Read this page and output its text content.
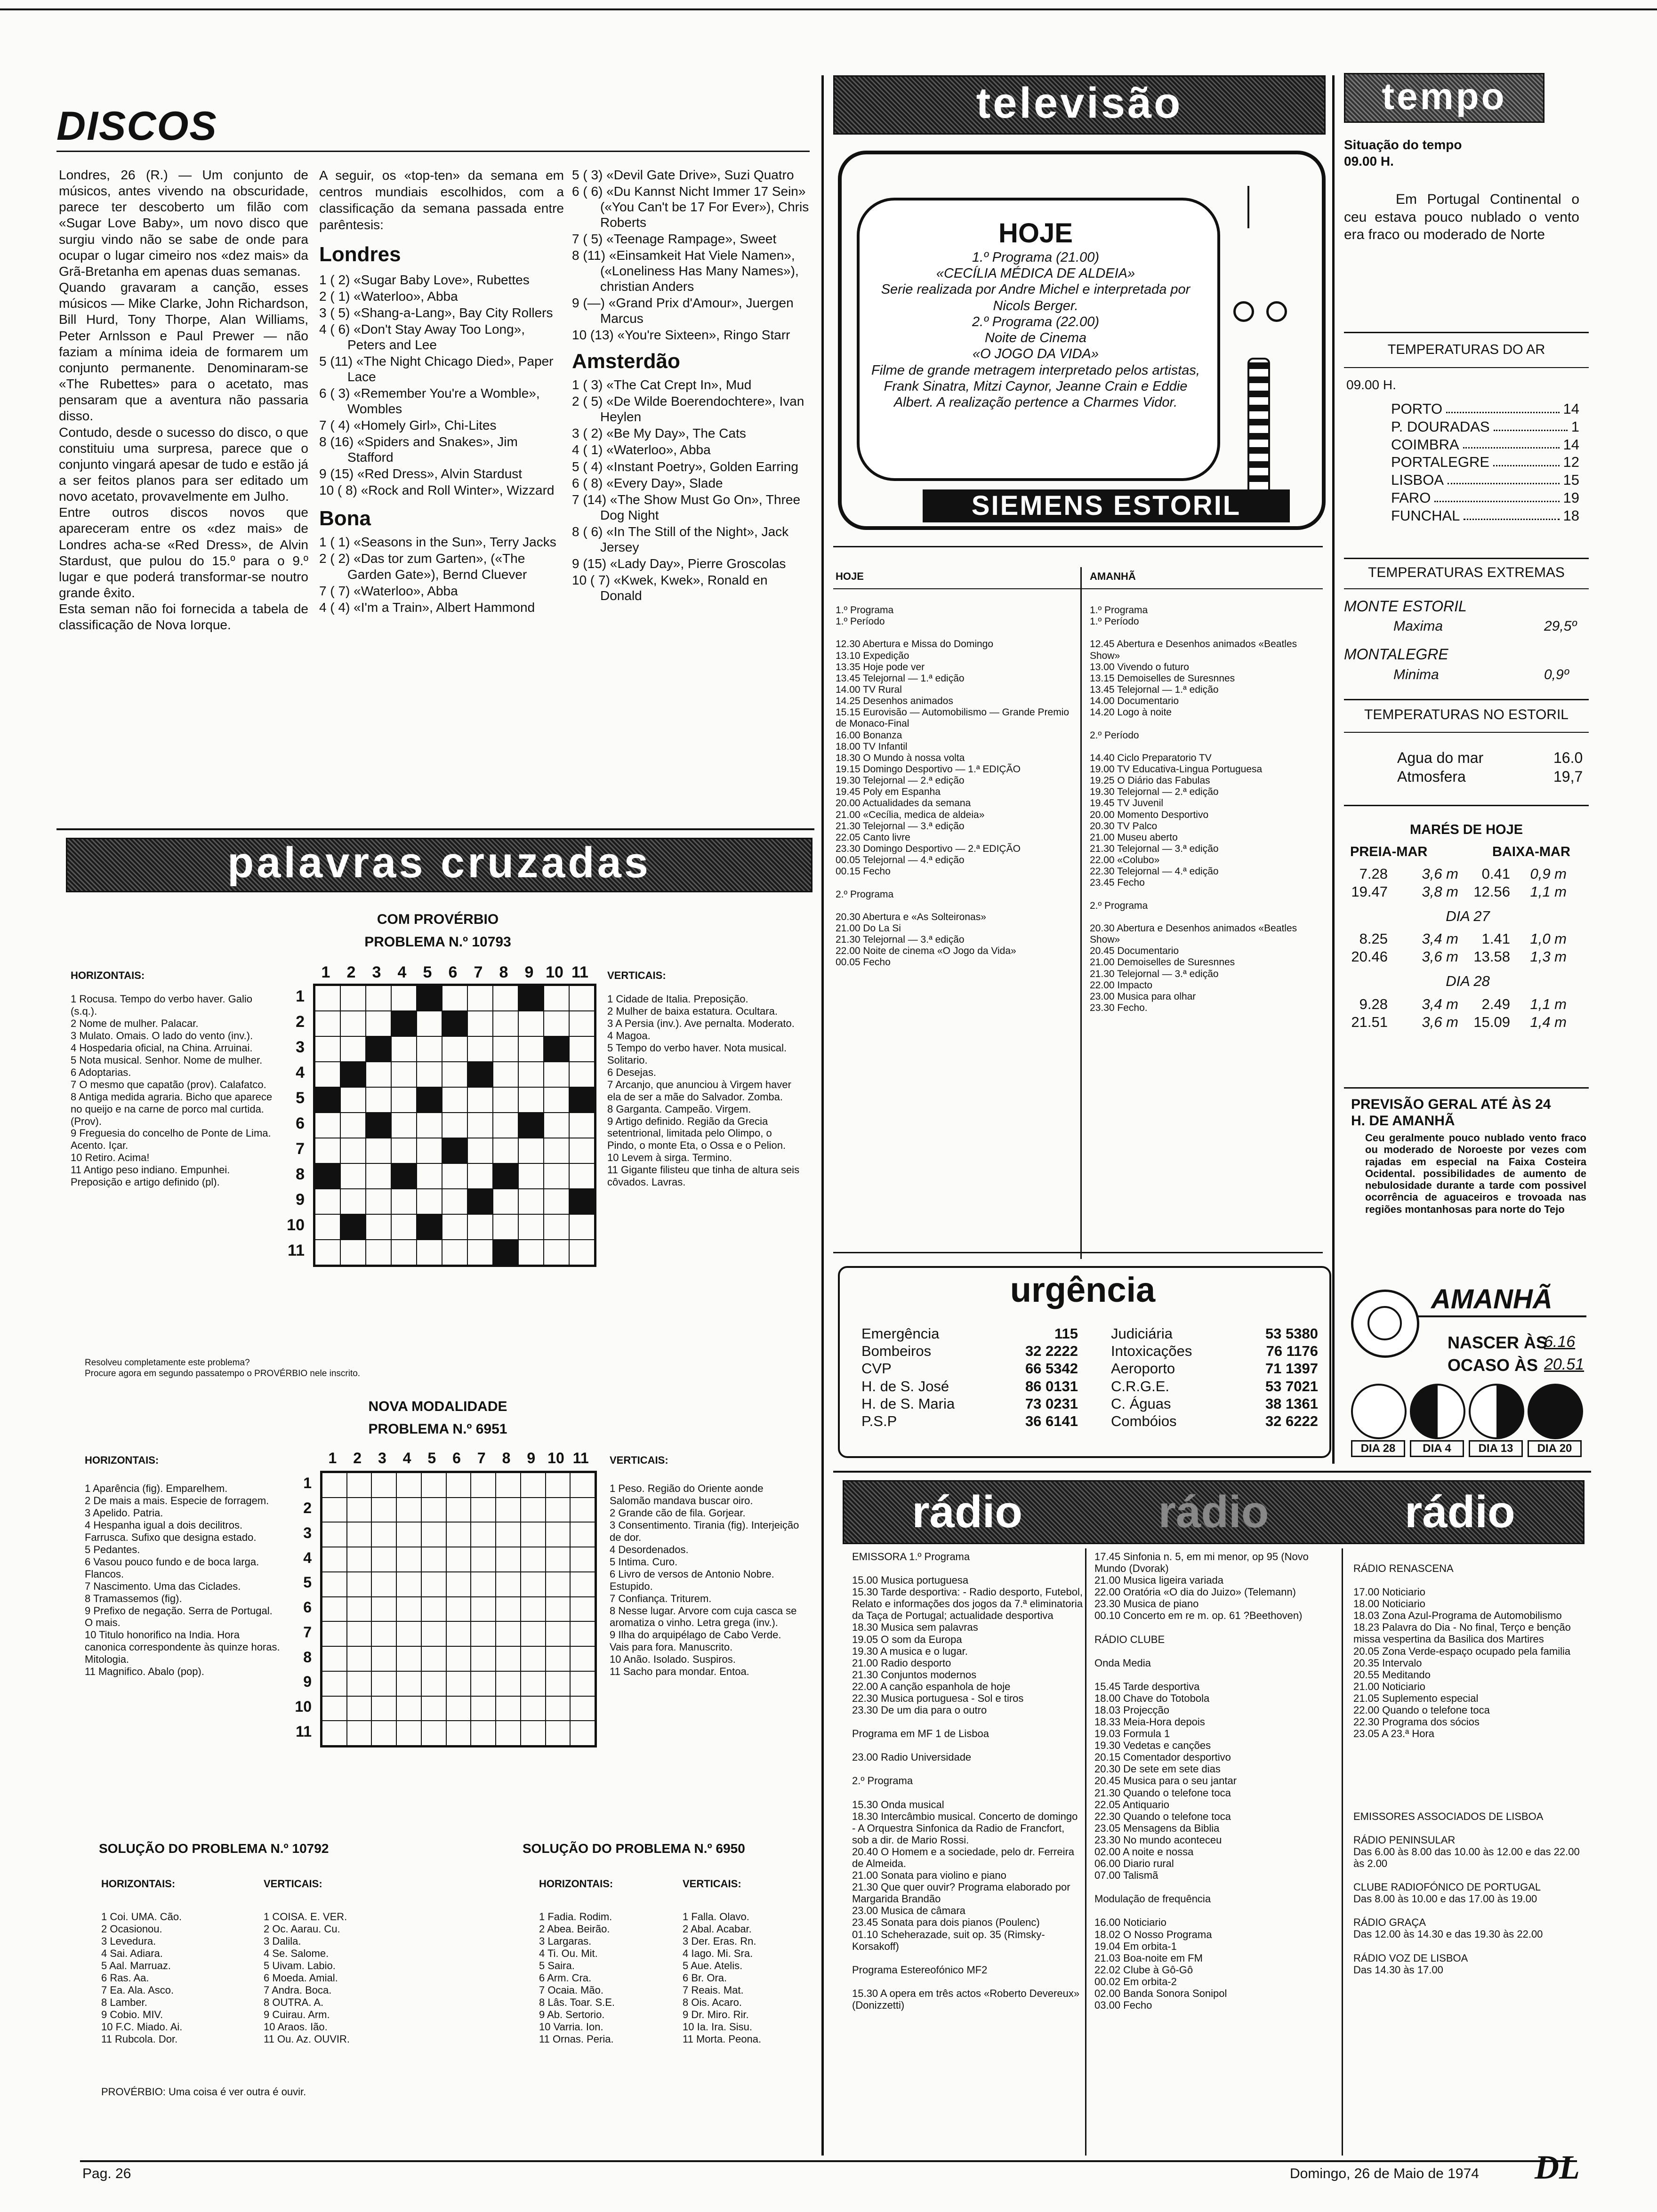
DISCOS
Londres, 26 (R.) — Um conjunto de músicos, antes vivendo na obscuridade, parece ter descoberto um filão com «Sugar Love Baby», um novo disco que surgiu vindo não se sabe de onde para ocupar o lugar cimeiro nos «dez mais» da Grã-Bretanha em apenas duas semanas.
Quando gravaram a canção, esses músicos — Mike Clarke, John Richardson, Bill Hurd, Tony Thorpe, Alan Williams, Peter Arnlsson e Paul Prewer — não faziam a mínima ideia de formarem um conjunto permanente. Denominaram-se «The Rubettes» para o acetato, mas pensaram que a aventura não passaria disso.
Contudo, desde o sucesso do disco, o que constituiu uma surpresa, parece que o conjunto vingará apesar de tudo e estão já a ser feitos planos para ser editado um novo acetato, provavelmente em Julho.
Entre outros discos novos que apareceram entre os «dez mais» de Londres acha-se «Red Dress», de Alvin Stardust, que pulou do 15.º para o 9.º lugar e que poderá transformar-se noutro grande êxito.
Esta seman não foi fornecida a tabela de classificação de Nova Iorque.
A seguir, os «top-ten» da semana em centros mundiais escolhidos, com a classificação da semana passada entre parêntesis:
Londres
1 ( 2) «Sugar Baby Love», Rubettes
2 ( 1) «Waterloo», Abba
3 ( 5) «Shang-a-Lang», Bay City Rollers
4 ( 6) «Don't Stay Away Too Long», Peters and Lee
5 (11) «The Night Chicago Died», Paper Lace
6 ( 3) «Remember You're a Womble», Wombles
7 ( 4) «Homely Girl», Chi-Lites
8 (16) «Spiders and Snakes», Jim Stafford
9 (15) «Red Dress», Alvin Stardust
10 ( 8) «Rock and Roll Winter», Wizzard
Bona
1 ( 1) «Seasons in the Sun», Terry Jacks
2 ( 2) «Das tor zum Garten», («The Garden Gate»), Bernd Cluever
7 ( 7) «Waterloo», Abba
4 ( 4) «I'm a Train», Albert Hammond
5 ( 3) «Devil Gate Drive», Suzi Quatro
6 ( 6) «Du Kannst Nicht Immer 17 Sein» («You Can't be 17 For Ever»), Chris Roberts
7 ( 5) «Teenage Rampage», Sweet
8 (11) «Einsamkeit Hat Viele Namen», («Loneliness Has Many Names»), christian Anders
9 (—) «Grand Prix d'Amour», Juergen Marcus
10 (13) «You're Sixteen», Ringo Starr
Amsterdão
1 ( 3) «The Cat Crept In», Mud
2 ( 5) «De Wilde Boerendochtere», Ivan Heylen
3 ( 2) «Be My Day», The Cats
4 ( 1) «Waterloo», Abba
5 ( 4) «Instant Poetry», Golden Earring
6 ( 8) «Every Day», Slade
7 (14) «The Show Must Go On», Three Dog Night
8 ( 6) «In The Still of the Night», Jack Jersey
9 (15) «Lady Day», Pierre Groscolas
10 ( 7) «Kwek, Kwek», Ronald en Donald
palavras cruzadas
COM PROVÉRBIO
PROBLEMA N.º 10793
HORIZONTAIS:
1 Rocusa. Tempo do verbo haver. Galio (s.q.).
2 Nome de mulher. Palacar.
3 Mulato. Omais. O lado do vento (inv.).
4 Hospedaria oficial, na China. Arruinai.
5 Nota musical. Senhor. Nome de mulher.
6 Adoptarias.
7 O mesmo que capatão (prov). Calafatco.
8 Antiga medida agraria. Bicho que aparece no queijo e na carne de porco mal curtida. (Prov).
9 Freguesia do concelho de Ponte de Lima. Acento. Içar.
10 Retiro. Acima!
11 Antigo peso indiano. Empunhei. Preposição e artigo definido (pl).
1	2	3	4	5	6	7	8	9 10 11
1
2
3
4
5
6
7
8
9
10
11
VERTICAIS:
1 Cidade de Italia. Preposição.
2 Mulher de baixa estatura. Ocultara.
3 A Persia (inv.). Ave pernalta. Moderato.
4 Magoa.
5 Tempo do verbo haver. Nota musical. Solitario.
6 Desejas.
7 Arcanjo, que anunciou à Virgem haver ela de ser a mãe do Salvador. Zomba.
8 Garganta. Campeão. Virgem.
9 Artigo definido. Região da Grecia setentrional, limitada pelo Olimpo, o Pindo, o monte Eta, o Ossa e o Pelion.
10 Levem à sirga. Termino.
11 Gigante filisteu que tinha de altura seis côvados. Lavras.
Resolveu completamente este problema?
Procure agora em segundo passatempo o PROVÉRBIO nele inscrito.
NOVA MODALIDADE
PROBLEMA N.º 6951
HORIZONTAIS:
1 Aparência (fig). Emparelhem.
2 De mais a mais. Especie de forragem.
3 Apelido. Patria.
4 Hespanha igual a dois decilitros. Farrusca. Sufixo que designa estado.
5 Pedantes.
6 Vasou pouco fundo e de boca larga. Flancos.
7 Nascimento. Uma das Ciclades.
8 Tramassemos (fig).
9 Prefixo de negação. Serra de Portugal. O mais.
10 Titulo honorifico na India. Hora canonica correspondente às quinze horas. Mitologia.
11 Magnifico. Abalo (pop).
1	2	3	4	5	6	7	8	9 10 11
1
2
3
4
5
6
7
8
9
10
11
VERTICAIS:
1 Peso. Região do Oriente aonde Salomão mandava buscar oiro.
2 Grande cão de fila. Gorjear.
3 Consentimento. Tirania (fig). Interjeição de dor.
4 Desordenados.
5 Intima. Curo.
6 Livro de versos de Antonio Nobre. Estupido.
7 Confiança. Triturem.
8 Nesse lugar. Arvore com cuja casca se aromatiza o vinho. Letra grega (inv.).
9 Ilha do arquipélago de Cabo Verde. Vais para fora. Manuscrito.
10 Anão. Isolado. Suspiros.
11 Sacho para mondar. Entoa.
SOLUÇÃO DO PROBLEMA N.º 10792
HORIZONTAIS:
1 Coi. UMA. Cão.
2 Ocasionou.
3 Levedura.
4 Sai. Adiara.
5 Aal. Marruaz.
6 Ras. Aa.
7 Ea. Ala. Asco.
8 Lamber.
9 Cobio. MIV.
10 F.C. Miado. Ai.
11 Rubcola. Dor.
VERTICAIS:
1 COISA. E. VER.
2 Oc. Aarau. Cu.
3 Dalila.
4 Se. Salome.
5 Uivam. Labio.
6 Moeda. Amial.
7 Andra. Boca.
8 OUTRA. A.
9 Cuirau. Arm.
10 Araos. Ião.
11 Ou. Az. OUVIR.
SOLUÇÃO DO PROBLEMA N.º 6950
HORIZONTAIS:
1 Fadia. Rodim.
2 Abea. Beirão.
3 Largaras.
4 Ti. Ou. Mit.
5 Saira.
6 Arm. Cra.
7 Ocaia. Mão.
8 Lâs. Toar. S.E.
9 Ab. Sertorio.
10 Varria. Ion.
11 Ornas. Peria.
VERTICAIS:
1 Falla. Olavo.
2 Abal. Acabar.
3 Der. Eras. Rn.
4 Iago. Mi. Sra.
5 Aue. Atelis.
6 Br. Ora.
7 Reais. Mat.
8 Ois. Acaro.
9 Dr. Miro. Rir.
10 Ia. Ira. Sisu.
11 Morta. Peona.
PROVÉRBIO: Uma coisa é ver outra é ouvir.
televisão
HOJE
1.º Programa (21.00)
«CECÍLIA MÉDICA DE ALDEIA»
Serie realizada por Andre Michel e interpretada por Nicols Berger.
2.º Programa (22.00)
Noite de Cinema
«O JOGO DA VIDA»
Filme de grande metragem interpretado pelos artistas, Frank Sinatra, Mitzi Caynor, Jeanne Crain e Eddie Albert. A realização pertence a Charmes Vidor.
SIEMENS ESTORIL
HOJE	AMANHÃ
1.º Programa
1.º Período

12.30 Abertura e Missa do Domingo
13.10 Expedição
13.35 Hoje pode ver
13.45 Telejornal — 1.ª edição
14.00 TV Rural
14.25 Desenhos animados
15.15 Eurovisão — Automobilismo — Grande Premio de Monaco-Final
16.00 Bonanza
18.00 TV Infantil
18.30 O Mundo à nossa volta
19.15 Domingo Desportivo — 1.ª EDIÇÃO
19.30 Telejornal — 2.ª edição
19.45 Poly em Espanha
20.00 Actualidades da semana
21.00 «Cecília, medica de aldeia»
21.30 Telejornal — 3.ª edição
22.05 Canto livre
23.30 Domingo Desportivo — 2.ª EDIÇÃO
00.05 Telejornal — 4.ª edição
00.15 Fecho

2.º Programa

20.30 Abertura e «As Solteironas»
21.00 Do La Si
21.30 Telejornal — 3.ª edição
22.00 Noite de cinema «O Jogo da Vida»
00.05 Fecho
1.º Programa
1.º Período

12.45 Abertura e Desenhos animados «Beatles Show»
13.00 Vivendo o futuro
13.15 Demoiselles de Suresnnes
13.45 Telejornal — 1.ª edição
14.00 Documentario
14.20 Logo à noite

2.º Período

14.40 Ciclo Preparatorio TV
19.00 TV Educativa-Lingua Portuguesa
19.25 O Diário das Fabulas
19.30 Telejornal — 2.ª edição
19.45 TV Juvenil
20.00 Momento Desportivo
20.30 TV Palco
21.00 Museu aberto
21.30 Telejornal — 3.ª edição
22.00 «Colubo»
22.30 Telejornal — 4.ª edição
23.45 Fecho

2.º Programa

20.30 Abertura e Desenhos animados «Beatles Show»
20.45 Documentario
21.00 Demoiselles de Suresnnes
21.30 Telejornal — 3.ª edição
22.00 Impacto
23.00 Musica para olhar
23.30 Fecho.
urgência
Emergência	115
Bombeiros	32 2222
CVP	66 5342
H. de S. José	86 0131
H. de S. Maria	73 0231
P.S.P	36 6141
Judiciária	53 5380
Intoxicações	76 1176
Aeroporto	71 1397
C.R.G.E.	53 7021
C. Águas	38 1361
Combóios	32 6222
tempo
Situação do tempo
09.00 H.
Em Portugal Continental o ceu estava pouco nublado o vento era fraco ou moderado de Norte
TEMPERATURAS DO AR
09.00 H.
PORTO	14
P. DOURADAS	1
COIMBRA	14
PORTALEGRE	12
LISBOA	15
FARO	19
FUNCHAL	18
TEMPERATURAS EXTREMAS
MONTE ESTORIL
Maxima	29,5º
MONTALEGRE
Minima	0,9º
TEMPERATURAS NO ESTORIL
Agua do mar	16.0
Atmosfera	19,7
MARÉS DE HOJE
PREIA-MAR	BAIXA-MAR
7.28	3,6 m	0.41	0,9 m
19.47	3,8 m	12.56	1,1 m
DIA 27
8.25	3,4 m	1.41	1,0 m
20.46	3,6 m	13.58	1,3 m
DIA 28
9.28	3,4 m	2.49	1,1 m
21.51	3,6 m	15.09	1,4 m
PREVISÃO GERAL ATÉ ÀS 24 H. DE AMANHÃ
Ceu geralmente pouco nublado vento fraco ou moderado de Noroeste por vezes com rajadas em especial na Faixa Costeira Ocidental. possibilidades de aumento de nebulosidade durante a tarde com possivel ocorrência de aguaceiros e trovoada nas regiões montanhosas para norte do Tejo
AMANHÃ
NASCER ÀS
6.16
OCASO ÀS 20.51
DIA 28	DIA 4	DIA 13	DIA 20
rádio	rádio	rádio
EMISSORA 1.º Programa

15.00 Musica portuguesa
15.30 Tarde desportiva: - Radio desporto, Futebol, Relato e informações dos jogos da 7.ª eliminatoria da Taça de Portugal; actualidade desportiva
18.30 Musica sem palavras
19.05 O som da Europa
19.30 A musica e o lugar.
21.00 Radio desporto
21.30 Conjuntos modernos
22.00 A canção espanhola de hoje
22.30 Musica portuguesa - Sol e tiros
23.30 De um dia para o outro

Programa em MF 1 de Lisboa

23.00 Radio Universidade

2.º Programa

15.30 Onda musical
18.30 Intercâmbio musical. Concerto de domingo - A Orquestra Sinfonica da Radio de Francfort, sob a dir. de Mario Rossi.
20.40 O Homem e a sociedade, pelo dr. Ferreira de Almeida.
21.00 Sonata para violino e piano
21.30 Que quer ouvir? Programa elaborado por Margarida Brandão
23.00 Musica de câmara
23.45 Sonata para dois pianos (Poulenc)
01.10 Scheherazade, suit op. 35 (Rimsky-Korsakoff)

Programa Estereofónico MF2

15.30 A opera em três actos «Roberto Devereux» (Donizzetti)
17.45 Sinfonia n. 5, em mi menor, op 95 (Novo Mundo (Dvorak)
21.00 Musica ligeira variada
22.00 Oratória «O dia do Juizo» (Telemann)
23.30 Musica de piano
00.10 Concerto em re m. op. 61 ?Beethoven)

RÁDIO CLUBE

Onda Media

15.45 Tarde desportiva
18.00 Chave do Totobola
18.03 Projecção
18.33 Meia-Hora depois
19.03 Formula 1
19.30 Vedetas e canções
20.15 Comentador desportivo
20.30 De sete em sete dias
20.45 Musica para o seu jantar
21.30 Quando o telefone toca
22.05 Antiquario
22.30 Quando o telefone toca
23.05 Mensagens da Biblia
23.30 No mundo aconteceu
02.00 A noite e nossa
06.00 Diario rural
07.00 Talismã

Modulação de frequência

16.00 Noticiario
18.02 O Nosso Programa
19.04 Em orbita-1
21.03 Boa-noite em FM
22.02 Clube à Gô-Gô
00.02 Em orbita-2
02.00 Banda Sonora Sonipol
03.00 Fecho
RÁDIO RENASCENA

17.00 Noticiario
18.00 Noticiario
18.03 Zona Azul-Programa de Automobilismo
18.23 Palavra do Dia - No final, Terço e benção missa vespertina da Basilica dos Martires
20.05 Zona Verde-espaço ocupado pela familia
20.35 Intervalo
20.55 Meditando
21.00 Noticiario
21.05 Suplemento especial
22.00 Quando o telefone toca
22.30 Programa dos sócios
23.05 A 23.ª Hora

EMISSORES ASSOCIADOS DE LISBOA

RÁDIO PENINSULAR
Das 6.00 às 8.00 das 10.00 às 12.00 e das 22.00 às 2.00

CLUBE RADIOFÓNICO DE PORTUGAL
Das 8.00 às 10.00 e das 17.00 às 19.00

RÁDIO GRAÇA
Das 12.00 às 14.30 e das 19.30 às 22.00

RÁDIO VOZ DE LISBOA
Das 14.30 às 17.00
Pag. 26	Domingo, 26 de Maio de 1974 DL
